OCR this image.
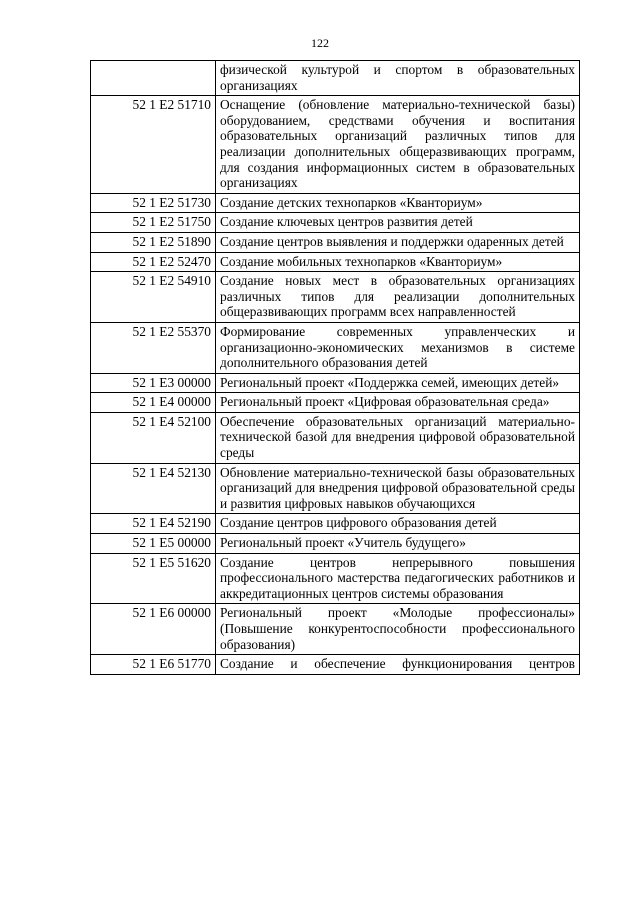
122
	физической культурой и спортом в образовательных организациях
52 1 Е2 51710	Оснащение (обновление материально-технической базы) оборудованием, средствами обучения и воспитания образовательных организаций различных типов для реализации дополнительных общеразвивающих программ, для создания информационных систем в образовательных организациях
52 1 Е2 51730	Создание детских технопарков «Кванториум»
52 1 Е2 51750	Создание ключевых центров развития детей
52 1 Е2 51890	Создание центров выявления и поддержки одаренных детей
52 1 Е2 52470	Создание мобильных технопарков «Кванториум»
52 1 Е2 54910	Создание новых мест в образовательных организациях различных типов для реализации дополнительных общеразвивающих программ всех направленностей
52 1 Е2 55370	Формирование современных управленческих и организационно-экономических механизмов в системе дополнительного образования детей
52 1 Е3 00000	Региональный проект «Поддержка семей, имеющих детей»
52 1 Е4 00000	Региональный проект «Цифровая образовательная среда»
52 1 Е4 52100	Обеспечение образовательных организаций материально-технической базой для внедрения цифровой образовательной среды
52 1 Е4 52130	Обновление материально-технической базы образовательных организаций для внедрения цифровой образовательной среды и развития цифровых навыков обучающихся
52 1 Е4 52190	Создание центров цифрового образования детей
52 1 Е5 00000	Региональный проект «Учитель будущего»
52 1 Е5 51620	Создание центров непрерывного повышения профессионального мастерства педагогических работников и аккредитационных центров системы образования
52 1 Е6 00000	Региональный проект «Молодые профессионалы» (Повышение конкурентоспособности профессионального образования)
52 1 Е6 51770	Создание и обеспечение функционирования центров
